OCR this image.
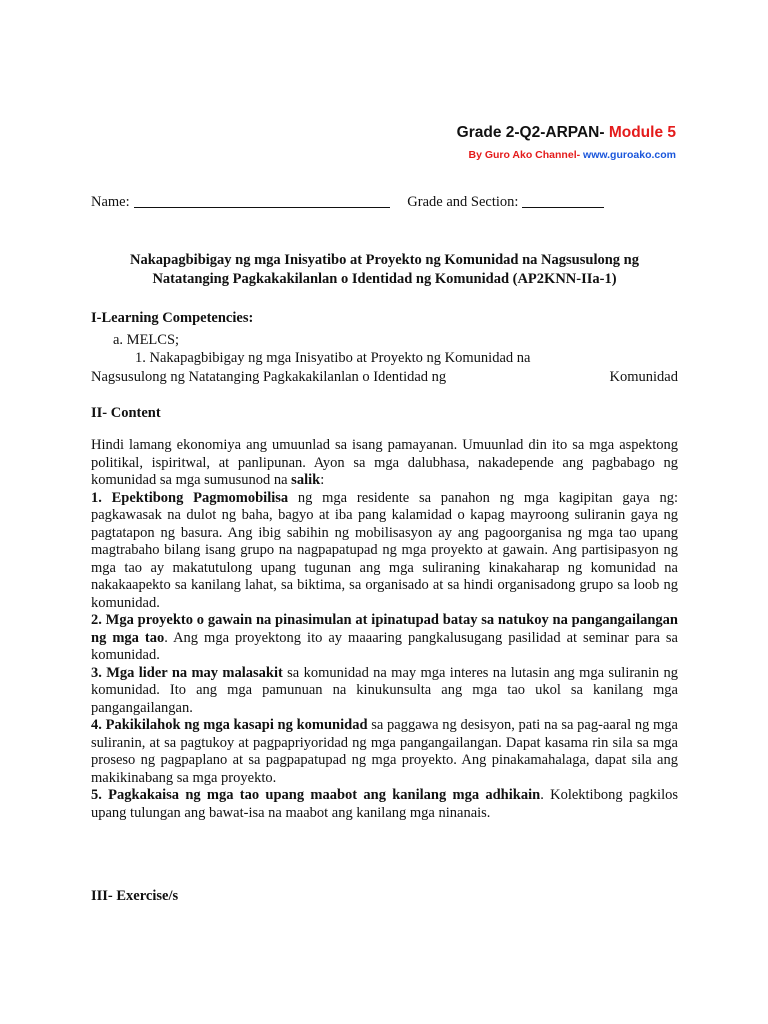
Grade 2-Q2-ARPAN- Module 5
By Guro Ako Channel- www.guroako.com
Name:	Grade and Section:
Nakapagbibigay ng mga Inisyatibo at Proyekto ng Komunidad na Nagsusulong ng
Natatanging Pagkakakilanlan o Identidad ng Komunidad (AP2KNN-IIa-1)
I-Learning Competencies:
a. MELCS;
1. Nakapagbibigay ng mga Inisyatibo at Proyekto ng Komunidad na
Nagsusulong ng Natatanging Pagkakakilanlan o Identidad ng	Komunidad
II- Content

Hindi lamang ekonomiya ang umuunlad sa isang pamayanan. Umuunlad din ito sa mga aspektong politikal, ispiritwal, at panlipunan. Ayon sa mga dalubhasa, nakadepende ang pagbabago ng komunidad sa mga sumusunod na salik:

1. Epektibong Pagmomobilisa ng mga residente sa panahon ng mga kagipitan gaya ng: pagkawasak na dulot ng baha, bagyo at iba pang kalamidad o kapag mayroong suliranin gaya ng pagtatapon ng basura. Ang ibig sabihin ng mobilisasyon ay ang pagoorganisa ng mga tao upang magtrabaho bilang isang grupo na nagpapatupad ng mga proyekto at gawain. Ang partisipasyon ng mga tao ay makatutulong upang tugunan ang mga suliraning kinakaharap ng komunidad na nakakaapekto sa kanilang lahat, sa biktima, sa organisado at sa hindi organisadong grupo sa loob ng komunidad.

2. Mga proyekto o gawain na pinasimulan at ipinatupad batay sa natukoy na pangangailangan ng mga tao. Ang mga proyektong ito ay maaaring pangkalusugang pasilidad at seminar para sa komunidad.

3. Mga lider na may malasakit sa komunidad na may mga interes na lutasin ang mga suliranin ng komunidad. Ito ang mga pamunuan na kinukunsulta ang mga tao ukol sa kanilang mga pangangailangan.

4. Pakikilahok ng mga kasapi ng komunidad sa paggawa ng desisyon, pati na sa pag-aaral ng mga suliranin, at sa pagtukoy at pagpapriyoridad ng mga pangangailangan. Dapat kasama rin sila sa mga proseso ng pagpaplano at sa pagpapatupad ng mga proyekto. Ang pinakamahalaga, dapat sila ang makikinabang sa mga proyekto.

5. Pagkakaisa ng mga tao upang maabot ang kanilang mga adhikain. Kolektibong pagkilos upang tulungan ang bawat-isa na maabot ang kanilang mga ninanais.

III- Exercise/s
